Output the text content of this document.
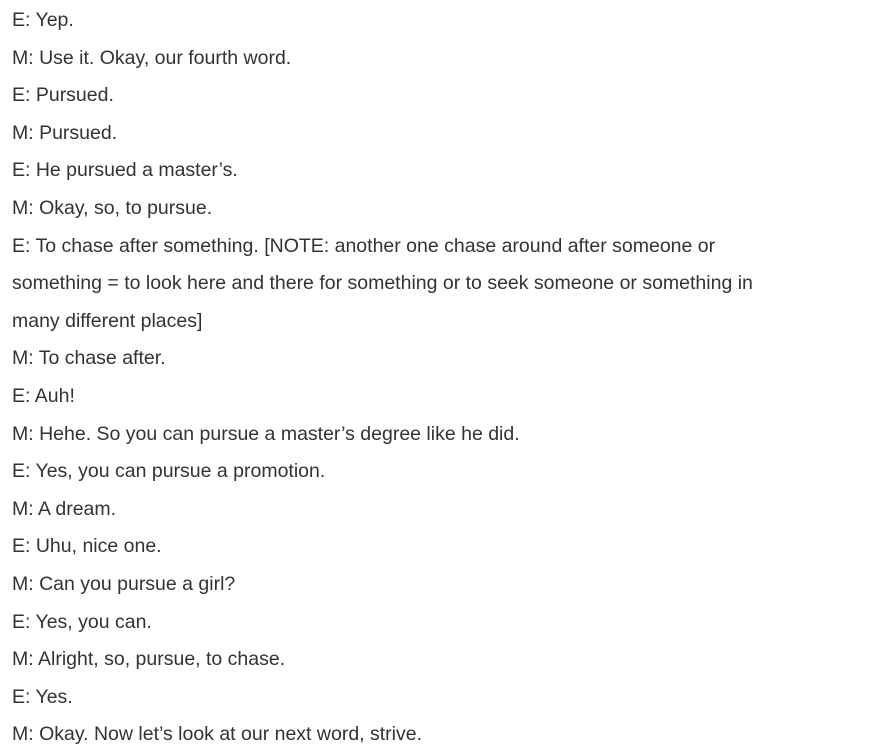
E: Yep.

M: Use it. Okay, our fourth word.

E: Pursued.

M: Pursued.

E: He pursued a master’s.

M: Okay, so, to pursue.

E: To chase after something. [NOTE: another one chase around after someone or something = to look here and there for something or to seek someone or something in many different places]

M: To chase after.

E: Auh!

M: Hehe. So you can pursue a master’s degree like he did.

E: Yes, you can pursue a promotion.

M: A dream.

E: Uhu, nice one.

M: Can you pursue a girl?

E: Yes, you can.

M: Alright, so, pursue, to chase.

E: Yes.

M: Okay. Now let’s look at our next word, strive.
